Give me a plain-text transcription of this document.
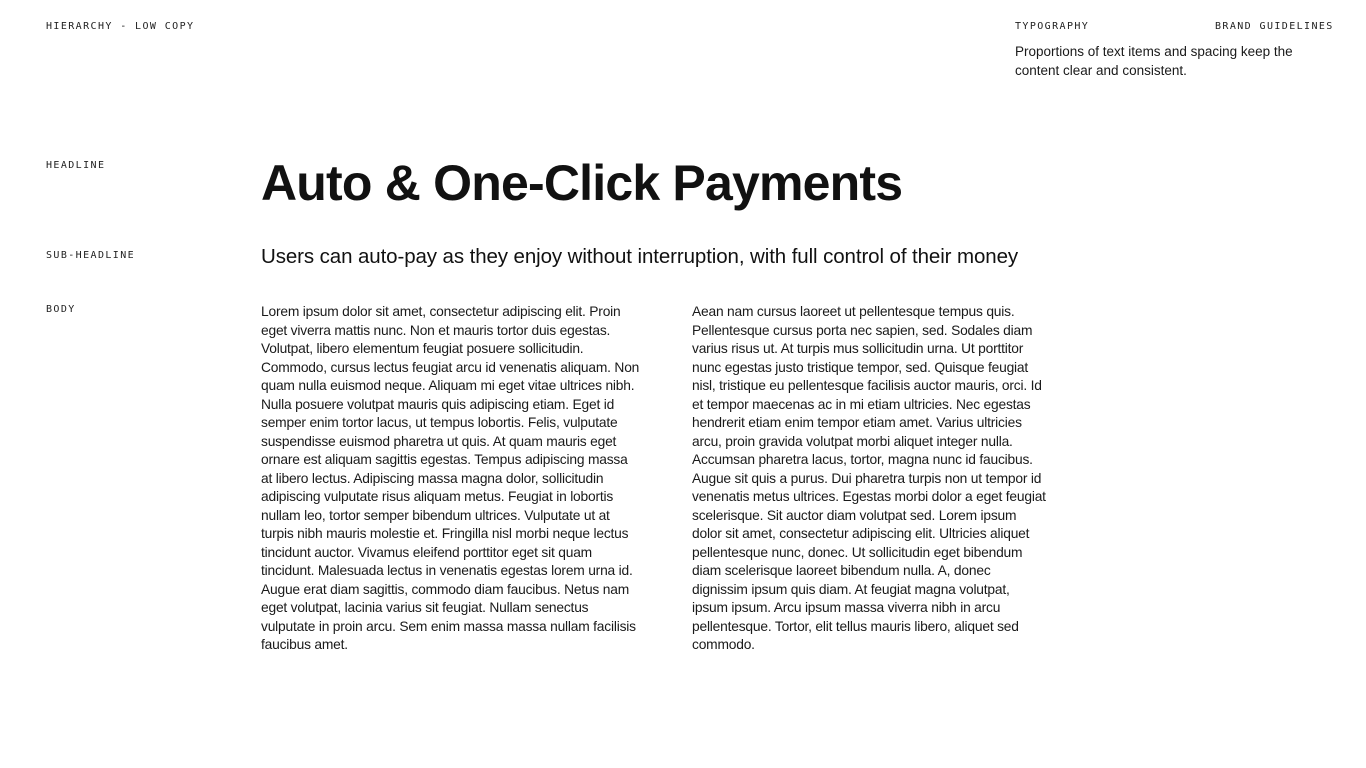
HIERARCHY - LOW COPY	TYPOGRAPHY	BRAND GUIDELINES
Proportions of text items and spacing keep the content clear and consistent.
HEADLINE
SUB-HEADLINE
BODY
Auto & One-Click Payments
Users can auto-pay as they enjoy without interruption, with full control of their money
Lorem ipsum dolor sit amet, consectetur adipiscing elit. Proin eget viverra mattis nunc. Non et mauris tortor duis egestas. Volutpat, libero elementum feugiat posuere sollicitudin. Commodo, cursus lectus feugiat arcu id venenatis aliquam. Non quam nulla euismod neque. Aliquam mi eget vitae ultrices nibh. Nulla posuere volutpat mauris quis adipiscing etiam. Eget id semper enim tortor lacus, ut tempus lobortis. Felis, vulputate suspendisse euismod pharetra ut quis. At quam mauris eget ornare est aliquam sagittis egestas. Tempus adipiscing massa at libero lectus. Adipiscing massa magna dolor, sollicitudin adipiscing vulputate risus aliquam metus. Feugiat in lobortis nullam leo, tortor semper bibendum ultrices. Vulputate ut at turpis nibh mauris molestie et. Fringilla nisl morbi neque lectus tincidunt auctor. Vivamus eleifend porttitor eget sit quam tincidunt. Malesuada lectus in venenatis egestas lorem urna id. Augue erat diam sagittis, commodo diam faucibus. Netus nam eget volutpat, lacinia varius sit feugiat. Nullam senectus vulputate in proin arcu. Sem enim massa massa nullam facilisis faucibus amet.
Aean nam cursus laoreet ut pellentesque tempus quis. Pellentesque cursus porta nec sapien, sed. Sodales diam varius risus ut. At turpis mus sollicitudin urna. Ut porttitor nunc egestas justo tristique tempor, sed. Quisque feugiat nisl, tristique eu pellentesque facilisis auctor mauris, orci. Id et tempor maecenas ac in mi etiam ultricies. Nec egestas hendrerit etiam enim tempor etiam amet. Varius ultricies arcu, proin gravida volutpat morbi aliquet integer nulla. Accumsan pharetra lacus, tortor, magna nunc id faucibus. Augue sit quis a purus. Dui pharetra turpis non ut tempor id venenatis metus ultrices. Egestas morbi dolor a eget feugiat scelerisque. Sit auctor diam volutpat sed. Lorem ipsum dolor sit amet, consectetur adipiscing elit. Ultricies aliquet pellentesque nunc, donec. Ut sollicitudin eget bibendum diam scelerisque laoreet bibendum nulla. A, donec dignissim ipsum quis diam. At feugiat magna volutpat, ipsum ipsum. Arcu ipsum massa viverra nibh in arcu pellentesque. Tortor, elit tellus mauris libero, aliquet sed commodo.
